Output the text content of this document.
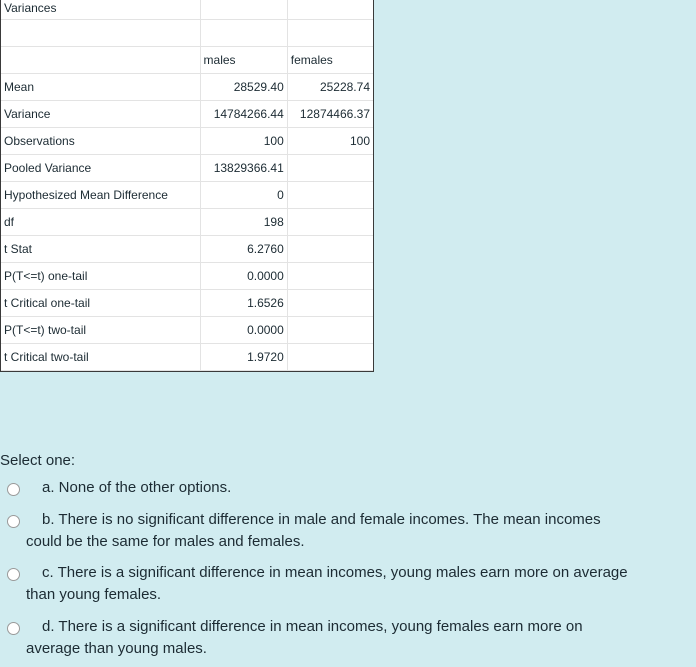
Variances		

	males	females
Mean	28529.40	25228.74
Variance	14784266.44	12874466.37
Observations	100	100
Pooled Variance	13829366.41	
Hypothesized Mean Difference	0	
df	198	
t Stat	6.2760	
P(T<=t) one-tail	0.0000	
t Critical one-tail	1.6526	
P(T<=t) two-tail	0.0000	
t Critical two-tail	1.9720	
Select one:
a. None of the other options.
b. There is no significant difference in male and female incomes. The mean incomes
could be the same for males and females.
c. There is a significant difference in mean incomes, young males earn more on average
than young females.
d. There is a significant difference in mean incomes, young females earn more on
average than young males.
